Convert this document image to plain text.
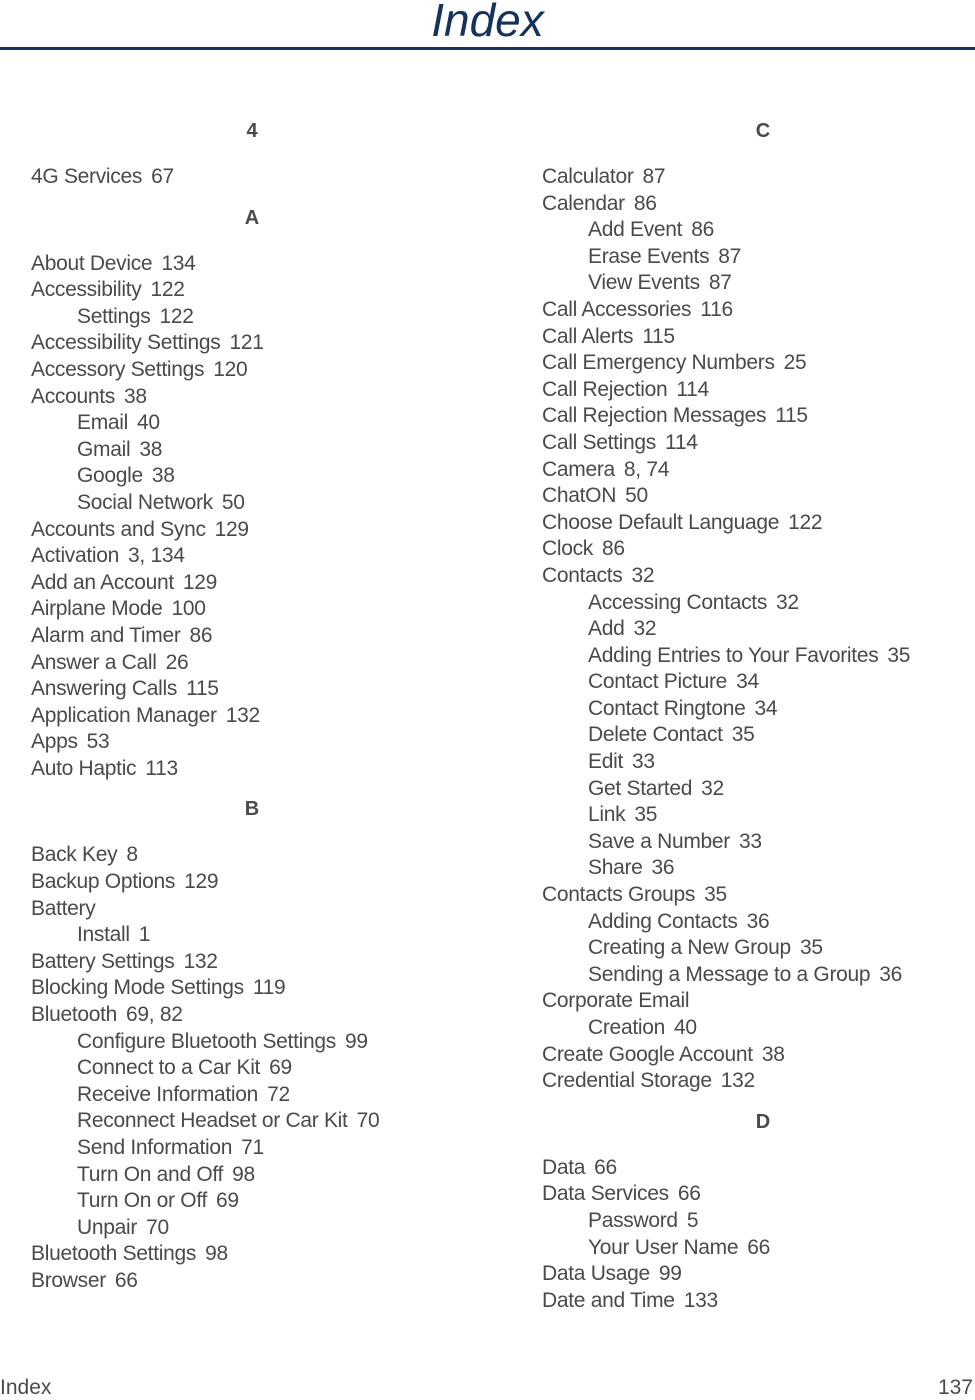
Index
4
4G Services 67
A
About Device 134
Accessibility 122
Settings 122
Accessibility Settings 121
Accessory Settings 120
Accounts 38
Email 40
Gmail 38
Google 38
Social Network 50
Accounts and Sync 129
Activation 3, 134
Add an Account 129
Airplane Mode 100
Alarm and Timer 86
Answer a Call 26
Answering Calls 115
Application Manager 132
Apps 53
Auto Haptic 113
B
Back Key 8
Backup Options 129
Battery
Install 1
Battery Settings 132
Blocking Mode Settings 119
Bluetooth 69, 82
Configure Bluetooth Settings 99
Connect to a Car Kit 69
Receive Information 72
Reconnect Headset or Car Kit 70
Send Information 71
Turn On and Off 98
Turn On or Off 69
Unpair 70
Bluetooth Settings 98
Browser 66
C
Calculator 87
Calendar 86
Add Event 86
Erase Events 87
View Events 87
Call Accessories 116
Call Alerts 115
Call Emergency Numbers 25
Call Rejection 114
Call Rejection Messages 115
Call Settings 114
Camera 8, 74
ChatON 50
Choose Default Language 122
Clock 86
Contacts 32
Accessing Contacts 32
Add 32
Adding Entries to Your Favorites 35
Contact Picture 34
Contact Ringtone 34
Delete Contact 35
Edit 33
Get Started 32
Link 35
Save a Number 33
Share 36
Contacts Groups 35
Adding Contacts 36
Creating a New Group 35
Sending a Message to a Group 36
Corporate Email
Creation 40
Create Google Account 38
Credential Storage 132
D
Data 66
Data Services 66
Password 5
Your User Name 66
Data Usage 99
Date and Time 133
Index	137
